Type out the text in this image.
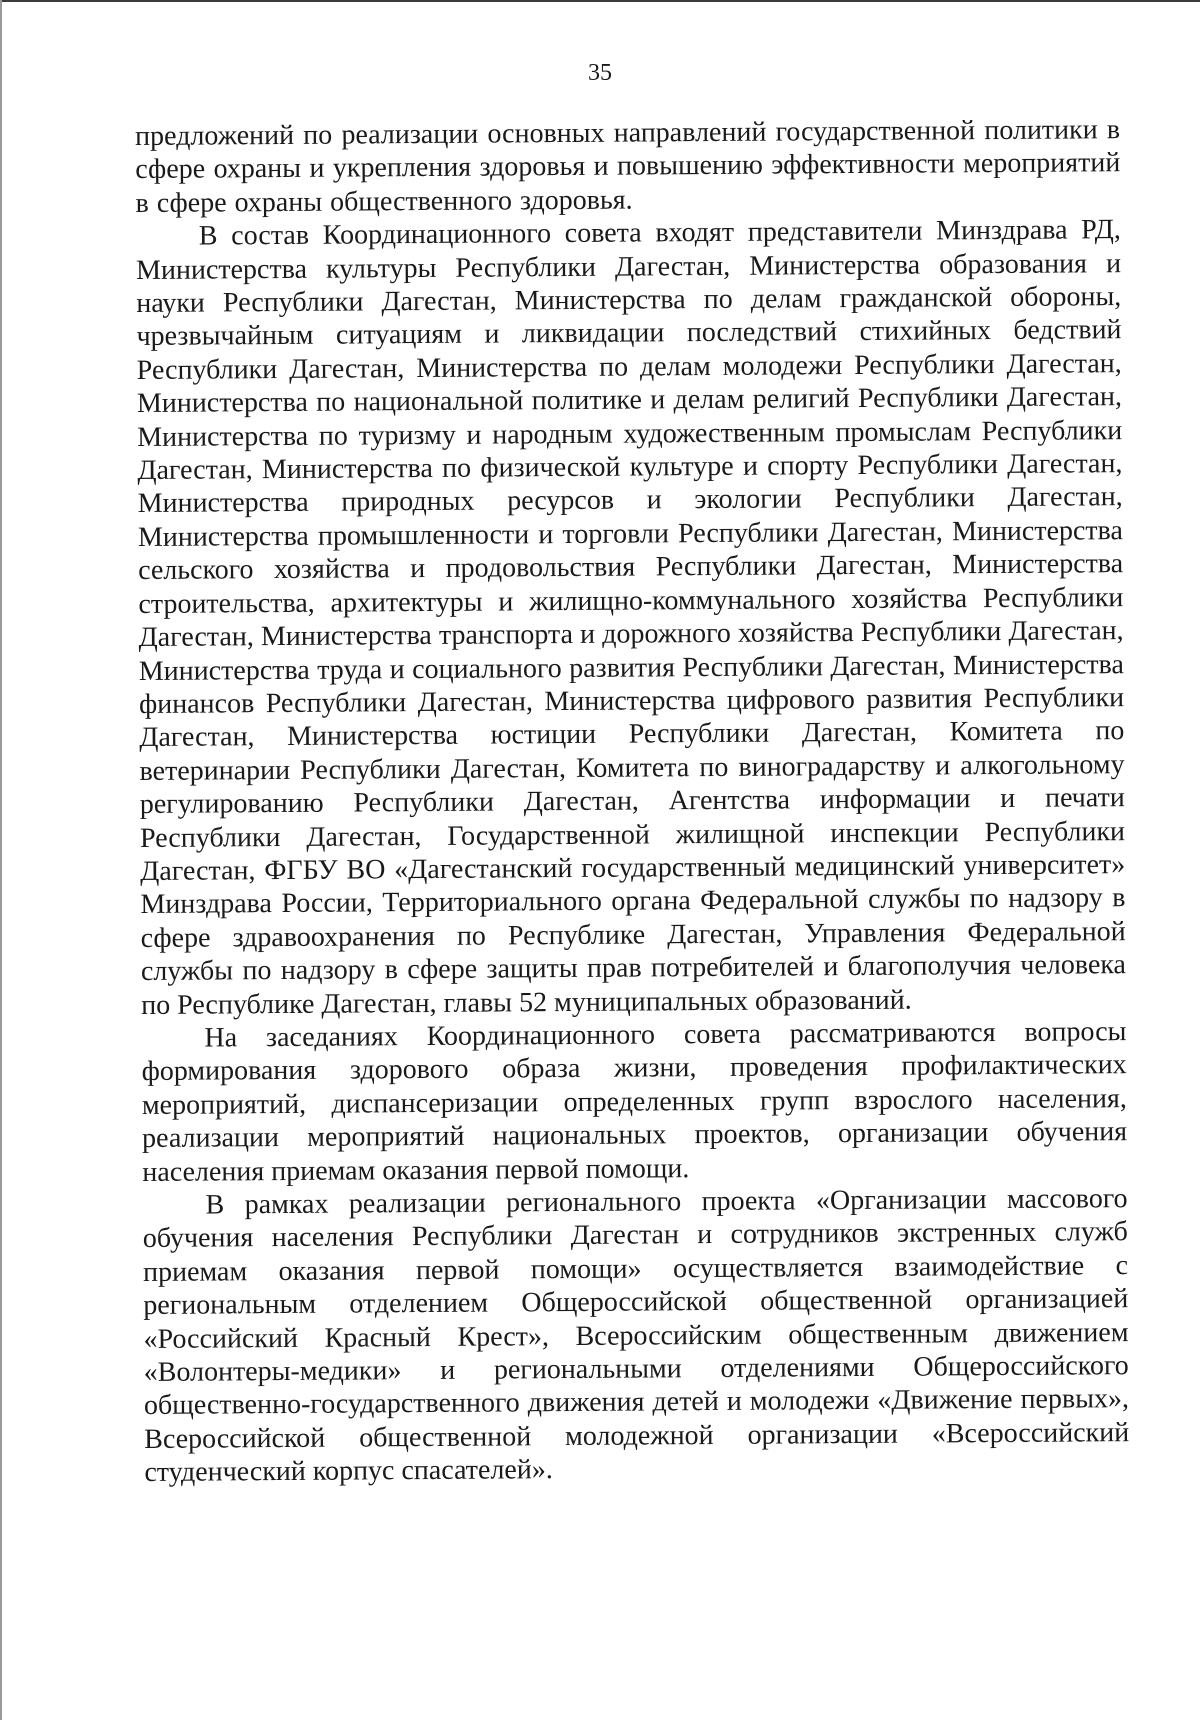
35

предложений по реализации основных направлений государственной политики в сфере охраны и укрепления здоровья и повышению эффективности мероприятий в сфере охраны общественного здоровья.

В состав Координационного совета входят представители Минздрава РД, Министерства культуры Республики Дагестан, Министерства образования и науки Республики Дагестан, Министерства по делам гражданской обороны, чрезвычайным ситуациям и ликвидации последствий стихийных бедствий Республики Дагестан, Министерства по делам молодежи Республики Дагестан, Министерства по национальной политике и делам религий Республики Дагестан, Министерства по туризму и народным художественным промыслам Республики Дагестан, Министерства по физической культуре и спорту Республики Дагестан, Министерства природных ресурсов и экологии Республики Дагестан, Министерства промышленности и торговли Республики Дагестан, Министерства сельского хозяйства и продовольствия Республики Дагестан, Министерства строительства, архитектуры и жилищно-коммунального хозяйства Республики Дагестан, Министерства транспорта и дорожного хозяйства Республики Дагестан, Министерства труда и социального развития Республики Дагестан, Министерства финансов Республики Дагестан, Министерства цифрового развития Республики Дагестан, Министерства юстиции Республики Дагестан, Комитета по ветеринарии Республики Дагестан, Комитета по виноградарству и алкогольному регулированию Республики Дагестан, Агентства информации и печати Республики Дагестан, Государственной жилищной инспекции Республики Дагестан, ФГБУ ВО «Дагестанский государственный медицинский университет» Минздрава России, Территориального органа Федеральной службы по надзору в сфере здравоохранения по Республике Дагестан, Управления Федеральной службы по надзору в сфере защиты прав потребителей и благополучия человека по Республике Дагестан, главы 52 муниципальных образований.

На заседаниях Координационного совета рассматриваются вопросы формирования здорового образа жизни, проведения профилактических мероприятий, диспансеризации определенных групп взрослого населения, реализации мероприятий национальных проектов, организации обучения населения приемам оказания первой помощи.

В рамках реализации регионального проекта «Организации массового обучения населения Республики Дагестан и сотрудников экстренных служб приемам оказания первой помощи» осуществляется взаимодействие с региональным отделением Общероссийской общественной организацией «Российский Красный Крест», Всероссийским общественным движением «Волонтеры-медики» и региональными отделениями Общероссийского общественно-государственного движения детей и молодежи «Движение первых», Всероссийской общественной молодежной организации «Всероссийский студенческий корпус спасателей».
